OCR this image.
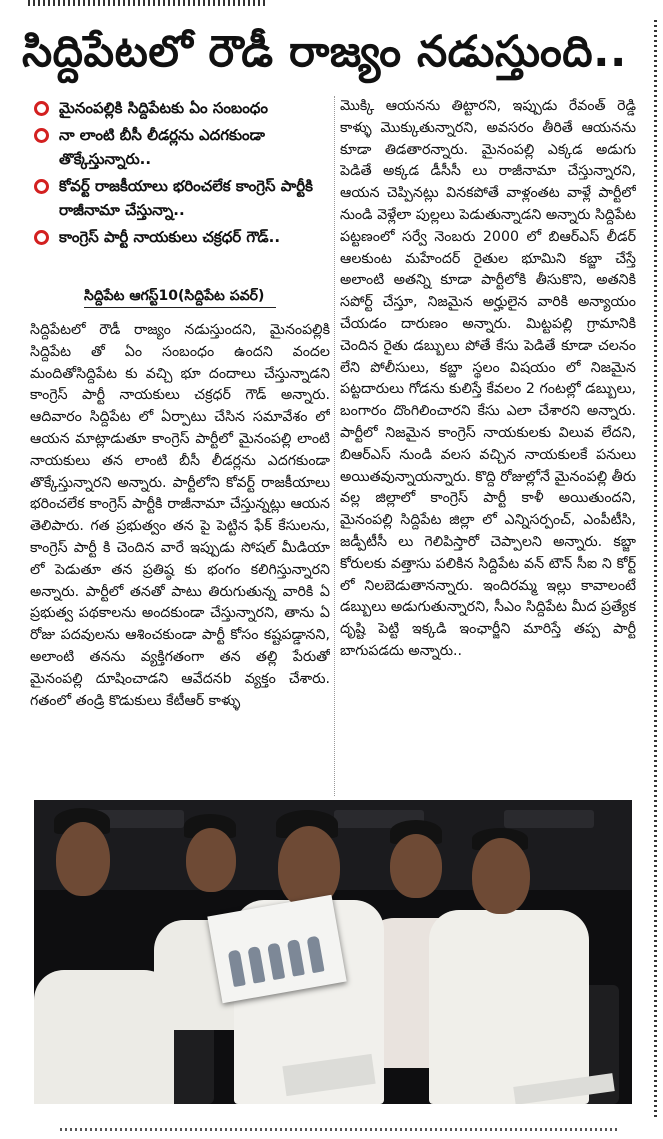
సిద్దిపేటలో రౌడీ రాజ్యం నడుస్తుంది..
మైనంపల్లికి సిద్దిపేటకు ఏం సంబంధం
నా లాంటి బీసీ లీడర్లను ఎదగకుండా తొక్కేస్తున్నారు..
కోవర్ట్ రాజకీయాలు భరించలేక కాంగ్రెస్ పార్టీకి రాజీనామా చేస్తున్నా..
కాంగ్రెస్ పార్టీ నాయకులు చక్రధర్ గౌడ్..
సిద్దిపేట ఆగస్ట్10(సిద్దిపేట పవర్)
సిద్దిపేటలో రౌడీ రాజ్యం నడుస్తుందని, మైనంపల్లికి సిద్దిపేట తో ఏం సంబంధం ఉందని వందల మందితోసిద్దిపేట కు వచ్చి భూ దందాలు చేస్తున్నాడని కాంగ్రెస్ పార్టీ నాయకులు చక్రధర్ గౌడ్ అన్నారు. ఆదివారం సిద్దిపేట లో ఏర్పాటు చేసిన సమావేశం లో ఆయన మాట్లాడుతూ కాంగ్రెస్ పార్టీలో మైనంపల్లి లాంటి నాయకులు తన లాంటి బీసీ లీడర్లను ఎదగకుండా తొక్కేస్తున్నారని అన్నారు. పార్టీలోని కోవర్ట్ రాజకీయాలు భరించలేక కాంగ్రెస్ పార్టీకి రాజీనామా చేస్తున్నట్లు ఆయన తెలిపారు. గత ప్రభుత్వం తన పై పెట్టిన ఫేక్ కేసులను, కాంగ్రెస్ పార్టీ కి చెందిన వారే ఇప్పుడు సోషల్ మీడియా లో పెడుతూ తన ప్రతిష్ఠ కు భంగం కలిగిస్తున్నారని అన్నారు. పార్టీలో తనతో పాటు తిరుగుతున్న వారికి ఏ ప్రభుత్వ పథకాలను అందకుండా చేస్తున్నారని, తాను ఏ రోజు పదవులను ఆశించకుండా పార్టీ కోసం కష్టపడ్డానని, అలాంటి తనను వ్యక్తిగతంగా తన తల్లి పేరుతో మైనంపల్లి దూషించాడని ఆవేదనb వ్యక్తం చేశారు. గతంలో తండ్రి కొడుకులు కేటీఆర్ కాళ్ళు
మొక్కి ఆయనను తిట్టారని, ఇప్పుడు రేవంత్ రెడ్డి కాళ్ళు మొక్కుతున్నారని, అవసరం తీరితే ఆయనను కూడా తిడతారన్నారు. మైనంపల్లి ఎక్కడ అడుగు పెడితే అక్కడ డీసీసీ లు రాజీనామా చేస్తున్నారని, ఆయన చెప్పినట్లు వినకపోతే వాళ్లంతట వాళ్లే పార్టీలో నుండి వెళ్లేలా పుల్లలు పెడుతున్నాడని అన్నారు సిద్దిపేట పట్టణంలో సర్వే నెంబరు 2000 లో బిఆర్ఎస్ లీడర్ ఆలకుంట మహేందర్ రైతుల భూమిని కబ్జా చేస్తే అలాంటి అతన్ని కూడా పార్టీలోకి తీసుకొని, అతనికి సపోర్ట్ చేస్తూ, నిజమైన అర్హులైన వారికి అన్యాయం చేయడం దారుణం అన్నారు. మిట్టపల్లి గ్రామానికి చెందిన రైతు డబ్బులు పోతే కేసు పెడితే కూడా చలనం లేని పోలీసులు, కబ్జా స్థలం విషయం లో నిజమైన పట్టదారులు గోడను కులిస్తే కేవలం 2 గంటల్లో డబ్బులు, బంగారం దొంగిలించారని కేసు ఎలా చేశారని అన్నారు. పార్టీలో నిజమైన కాంగ్రెస్ నాయకులకు విలువ లేదని, బిఆర్ఎస్ నుండి వలస వచ్చిన నాయకులకే పనులు అయితవున్నాయన్నారు. కొద్ది రోజుల్లోనే మైనంపల్లి తీరు వల్ల జిల్లాలో కాంగ్రెస్ పార్టీ కాళీ అయితుందని, మైనంపల్లి సిద్దిపేట జిల్లా లో ఎన్నిసర్పంచ్, ఎంపీటీసి, జడ్పీటీసీ లు గెలిపిస్తారో చెప్పాలని అన్నారు. కబ్జా కోరులకు వత్తాసు పలికిన సిద్దిపేట వన్ టౌన్ సీఐ ని కోర్ట్ లో నిలబెడుతానన్నారు. ఇందిరమ్మ ఇల్లు కావాలంటే డబ్బులు అడుగుతున్నారని, సీఎం సిద్దిపేట మీద ప్రత్యేక దృష్టి పెట్టి ఇక్కడి ఇంఛార్జీని మారిస్తే తప్ప పార్టీ బాగుపడదు అన్నారు..
